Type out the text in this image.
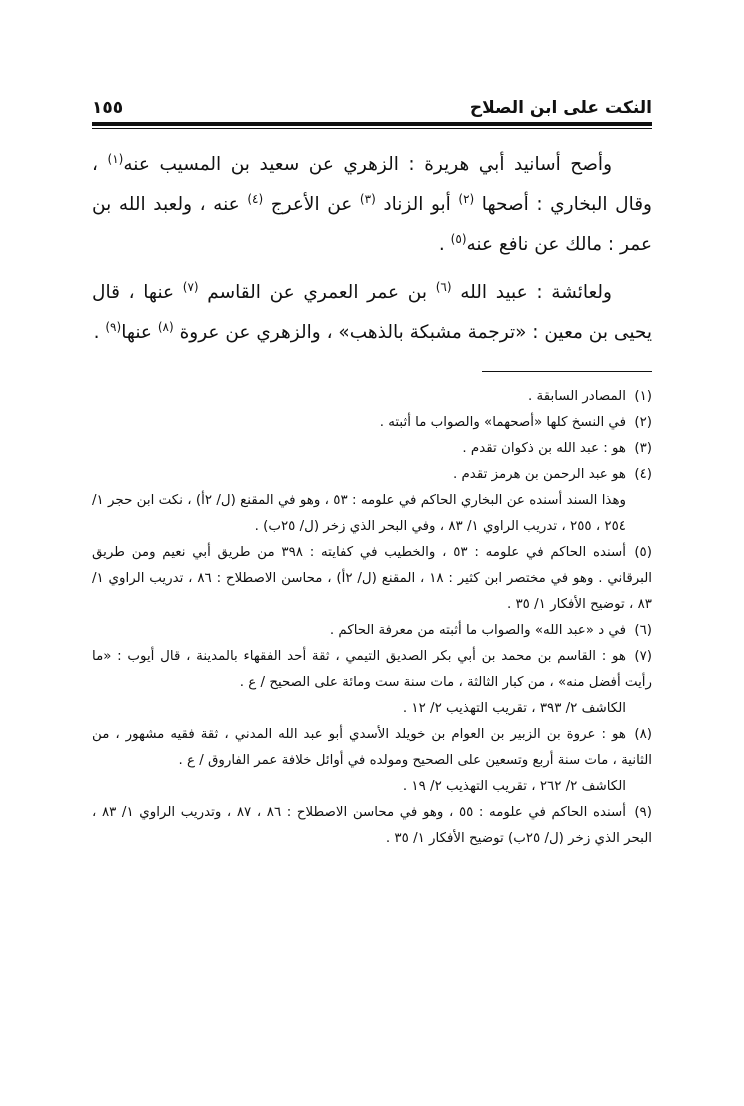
النكت على ابن الصلاح
١٥٥

وأصح أسانيد أبي هريرة : الزهري عن سعيد بن المسيب عنه$^{(١)}$ ، وقال البخاري : أصحها $^{(٢)}$ أبو الزناد $^{(٣)}$ عن الأعرج $^{(٤)}$ عنه ، ولعبد الله بن عمر : مالك عن نافع عنه$^{(٥)}$ .

ولعائشة : عبيد الله $^{(٦)}$ بن عمر العمري عن القاسم $^{(٧)}$ عنها ، قال يحيى بن معين : «ترجمة مشبكة بالذهب» ، والزهري عن عروة $^{(٨)}$ عنها$^{(٩)}$ .

(١)المصادر السابقة .

(٢)في النسخ كلها «أصحهما» والصواب ما أثبته .

(٣)هو : عبد الله بن ذكوان تقدم .

(٤)هو عبد الرحمن بن هرمز تقدم .
وهذا السند أسنده عن البخاري الحاكم في علومه : ٥٣ ، وهو في المقنع (ل/ ٢أ) ، نكت ابن حجر ١/ ٢٥٤ ، ٢٥٥ ، تدريب الراوي ١/ ٨٣ ، وفي البحر الذي زخر (ل/ ٢٥ب) .

(٥)أسنده الحاكم في علومه : ٥٣ ، والخطيب في كفايته : ٣٩٨ من طريق أبي نعيم ومن طريق البرقاني . وهو في مختصر ابن كثير : ١٨ ، المقنع (ل/ ٢أ) ، محاسن الاصطلاح : ٨٦ ، تدريب الراوي ١/ ٨٣ ، توضيح الأفكار ١/ ٣٥ .

(٦)في د «عبد الله» والصواب ما أثبته من معرفة الحاكم .

(٧)هو : القاسم بن محمد بن أبي بكر الصديق التيمي ، ثقة أحد الفقهاء بالمدينة ، قال أيوب : «ما رأيت أفضل منه» ، من كبار الثالثة ، مات سنة ست ومائة على الصحيح / ع .
الكاشف ٢/ ٣٩٣ ، تقريب التهذيب ٢/ ١٢ .

(٨)هو : عروة بن الزبير بن العوام بن خويلد الأسدي أبو عبد الله المدني ، ثقة فقيه مشهور ، من الثانية ، مات سنة أربع وتسعين على الصحيح ومولده في أوائل خلافة عمر الفاروق / ع .
الكاشف ٢/ ٢٦٢ ، تقريب التهذيب ٢/ ١٩ .

(٩)أسنده الحاكم في علومه : ٥٥ ، وهو في محاسن الاصطلاح : ٨٦ ، ٨٧ ، وتدريب الراوي ١/ ٨٣ ، البحر الذي زخر (ل/ ٢٥ب) توضيح الأفكار ١/ ٣٥ .
